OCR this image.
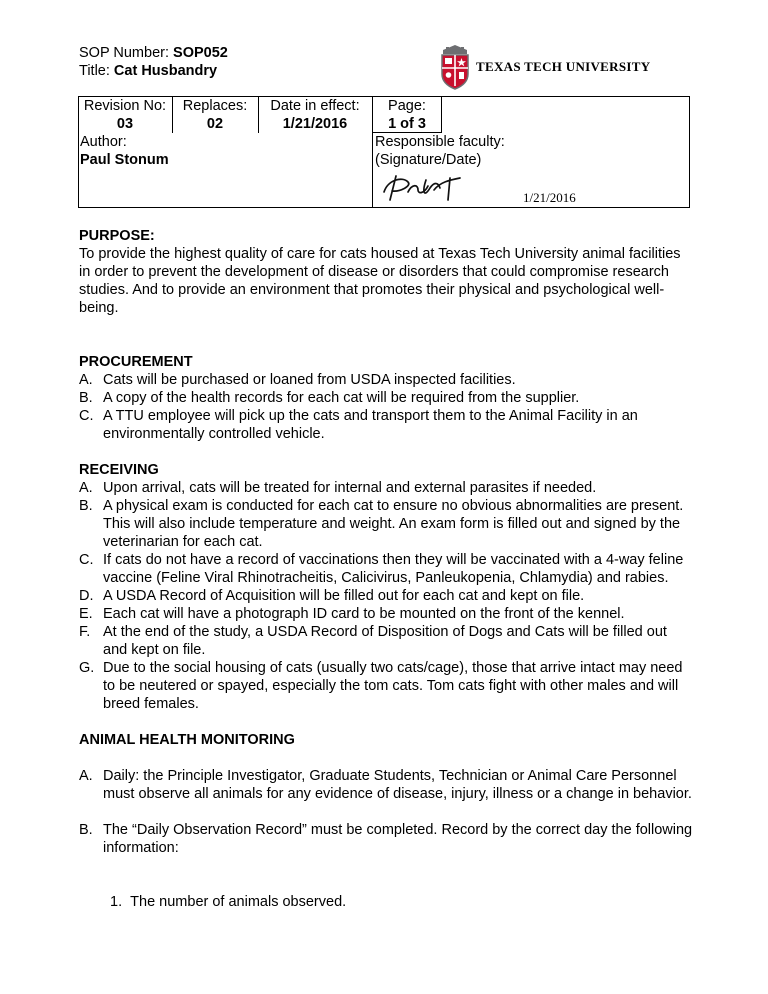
SOP Number: SOP052
Title: Cat Husbandry	TEXAS TECH UNIVERSITY
Revision No:
03
Replaces:
02
Date in effect:
1/21/2016
Page:
1 of 3
Author:
Paul Stonum
Responsible faculty:
(Signature/Date)
1/21/2016
PURPOSE:
To provide the highest quality of care for cats housed at Texas Tech University animal facilities in order to prevent the development of disease or disorders that could compromise research studies. And to provide an environment that promotes their physical and psychological well-being.
PROCUREMENT
A. Cats will be purchased or loaned from USDA inspected facilities.
B. A copy of the health records for each cat will be required from the supplier.
C. A TTU employee will pick up the cats and transport them to the Animal Facility in an environmentally controlled vehicle.
RECEIVING
A. Upon arrival, cats will be treated for internal and external parasites if needed.
B. A physical exam is conducted for each cat to ensure no obvious abnormalities are present. This will also include temperature and weight. An exam form is filled out and signed by the veterinarian for each cat.
C. If cats do not have a record of vaccinations then they will be vaccinated with a 4-way feline vaccine (Feline Viral Rhinotracheitis, Calicivirus, Panleukopenia, Chlamydia) and rabies.
D. A USDA Record of Acquisition will be filled out for each cat and kept on file.
E. Each cat will have a photograph ID card to be mounted on the front of the kennel.
F. At the end of the study, a USDA Record of Disposition of Dogs and Cats will be filled out and kept on file.
G. Due to the social housing of cats (usually two cats/cage), those that arrive intact may need to be neutered or spayed, especially the tom cats. Tom cats fight with other males and will breed females.
ANIMAL HEALTH MONITORING
A. Daily: the Principle Investigator, Graduate Students, Technician or Animal Care Personnel must observe all animals for any evidence of disease, injury, illness or a change in behavior.
B. The “Daily Observation Record” must be completed. Record by the correct day the following information:
1. The number of animals observed.
